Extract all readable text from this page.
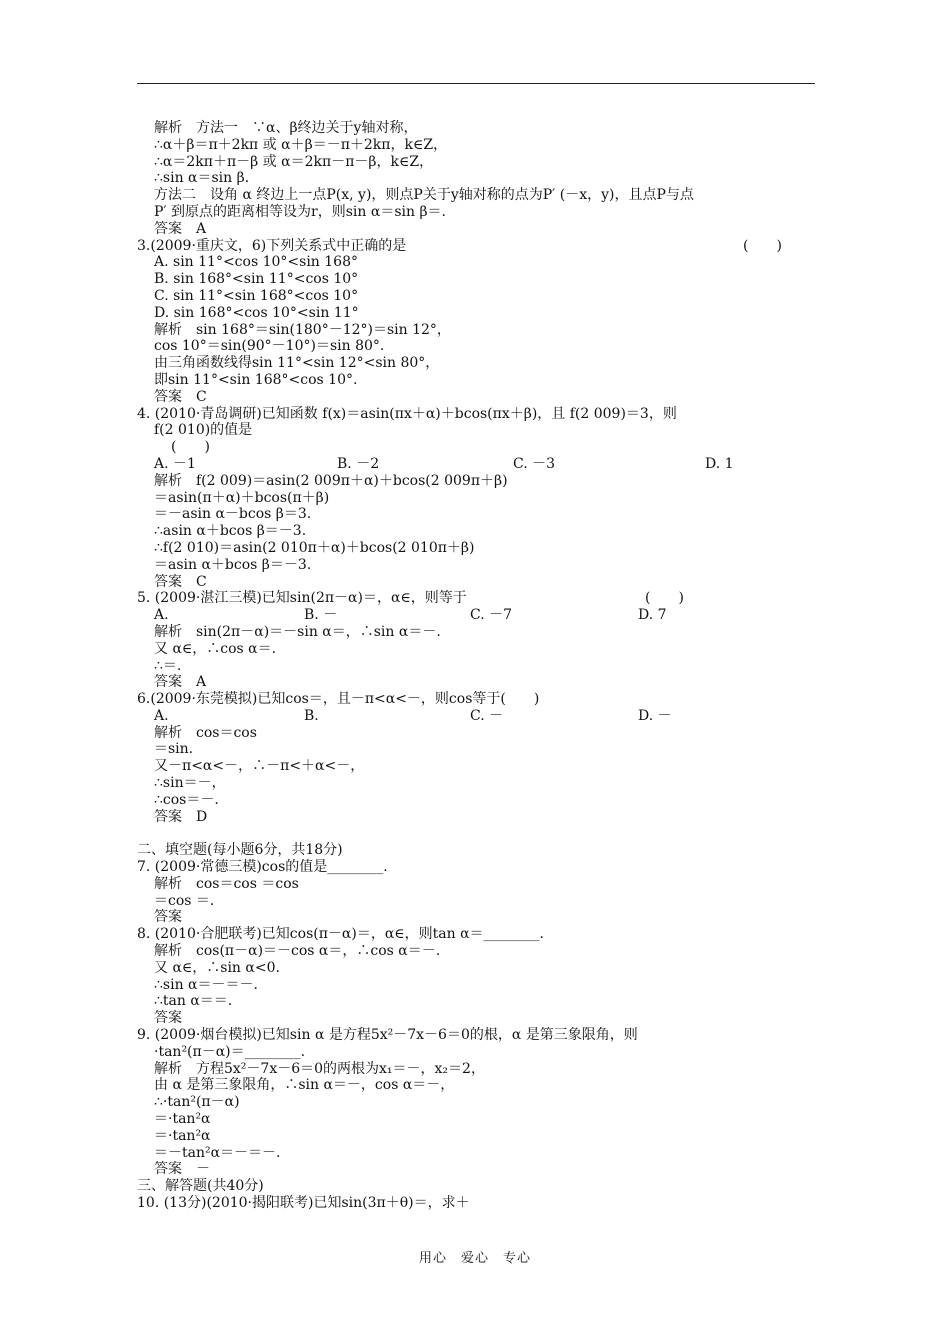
解析　方法一　∵α、β终边关于y轴对称，
∴α＋β＝π＋2kπ 或 α＋β＝－π＋2kπ，k∈Z，
∴α＝2kπ＋π－β 或 α＝2kπ－π－β，k∈Z，
∴sin α＝sin β.
方法二　设角 α 终边上一点P(x, y)，则点P关于y轴对称的点为P′ (－x，y)，且点P与点
P′ 到原点的距离相等设为r，则sin α＝sin β＝.
答案　A
3.(2009·重庆文，6)下列关系式中正确的是	(　　)
A. sin 11°<cos 10°<sin 168°
B. sin 168°<sin 11°<cos 10°
C. sin 11°<sin 168°<cos 10°
D. sin 168°<cos 10°<sin 11°
解析　sin 168°＝sin(180°－12°)＝sin 12°，
cos 10°＝sin(90°－10°)＝sin 80°.
由三角函数线得sin 11°<sin 12°<sin 80°，
即sin 11°<sin 168°<cos 10°.
答案　C
4. (2010·青岛调研)已知函数 f(x)＝asin(πx＋α)＋bcos(πx＋β)，且 f(2 009)＝3，则
f(2 010)的值是
(　　)
A. －1	B. －2	C. －3	D. 1
解析　f(2 009)＝asin(2 009π＋α)＋bcos(2 009π＋β)
＝asin(π＋α)＋bcos(π＋β)
＝－asin α－bcos β＝3.
∴asin α＋bcos β＝－3.
∴f(2 010)＝asin(2 010π＋α)＋bcos(2 010π＋β)
＝asin α＋bcos β＝－3.
答案　C
5. (2009·湛江三模)已知sin(2π－α)＝，α∈，则等于	(　　)
A.	B. －	C. －7	D. 7
解析　sin(2π－α)＝－sin α＝，∴sin α＝－.
又 α∈，∴cos α＝.
∴＝.
答案　A
6.(2009·东莞模拟)已知cos＝，且－π<α<－，则cos等于(　　)
A.	B.	C. －	D. －
解析　cos＝cos
＝sin.
又－π<α<－，∴－π<＋α<－，
∴sin＝－，
∴cos＝－.
答案　D
二、填空题(每小题6分，共18分)
7. (2009·常德三模)cos的值是________.
解析　cos＝cos ＝cos
＝cos ＝.
答案
8. (2010·合肥联考)已知cos(π－α)＝，α∈，则tan α＝________.
解析　cos(π－α)＝－cos α＝，∴cos α＝－.
又 α∈，∴sin α<0.
∴sin α＝－＝－.
∴tan α＝＝.
答案
9. (2009·烟台模拟)已知sin α 是方程5x²－7x－6＝0的根，α 是第三象限角，则
·tan²(π－α)＝________.
解析　方程5x²－7x－6＝0的两根为x₁＝－，x₂＝2，
由 α 是第三象限角，∴sin α＝－，cos α＝－，
∴·tan²(π－α)
＝·tan²α
＝·tan²α
＝－tan²α＝－＝－.
答案　－
三、解答题(共40分)
10. (13分)(2010·揭阳联考)已知sin(3π＋θ)＝，求＋
用心　爱心　专心
